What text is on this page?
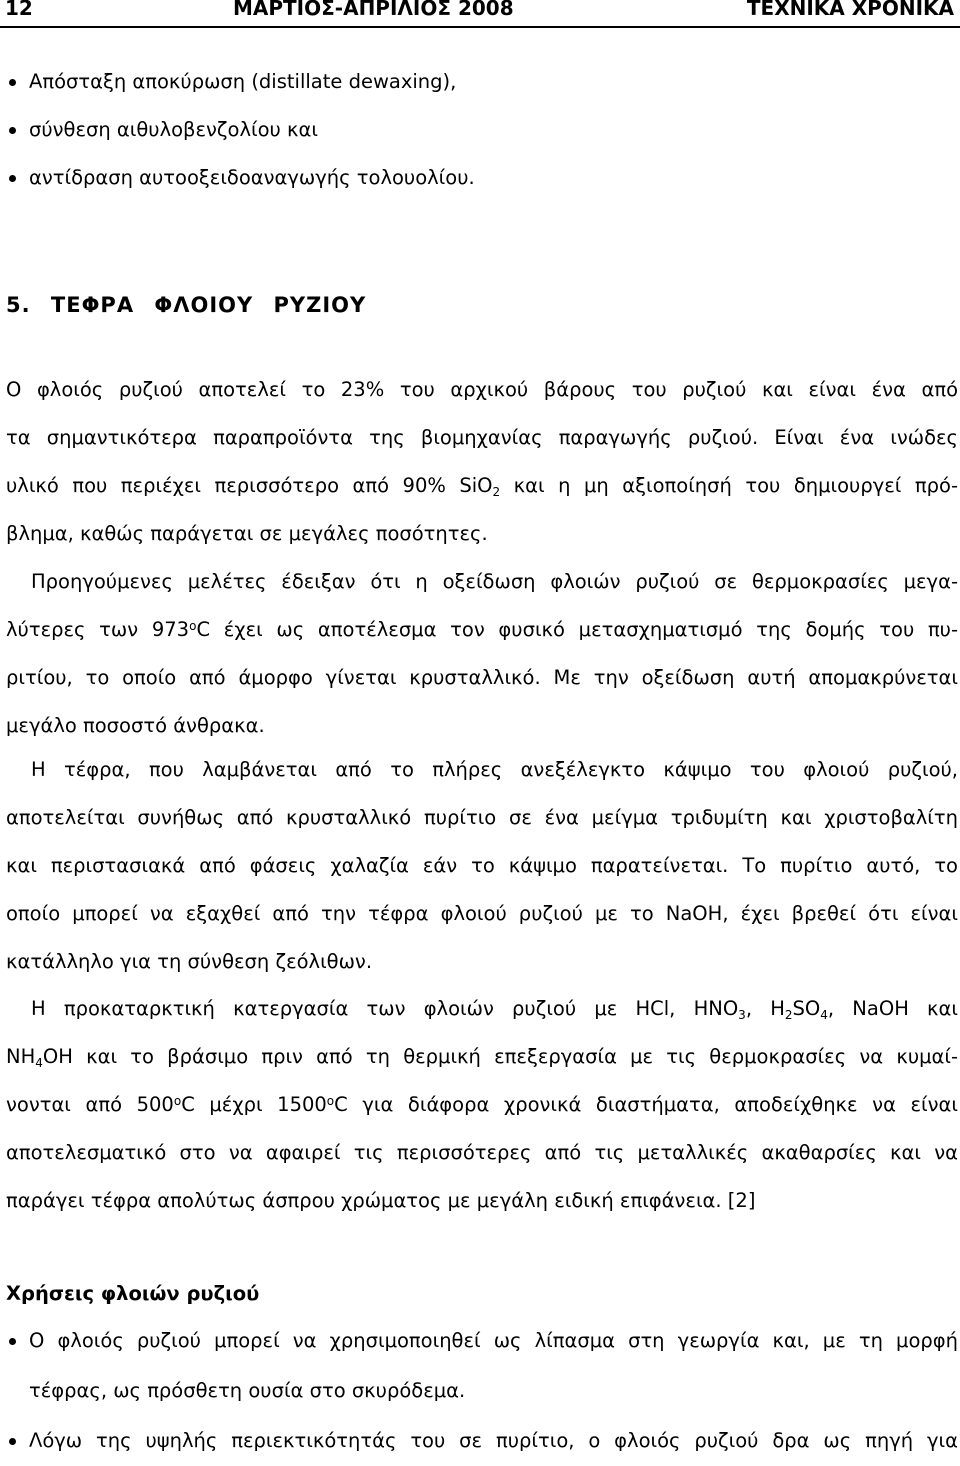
12	ΜΑΡΤΙΟΣ-ΑΠΡΙΛΙΟΣ 2008	ΤΕΧΝΙΚΑ ΧΡΟΝΙΚΑ
Απόσταξη αποκύρωση (distillate dewaxing),
σύνθεση αιθυλοβενζολίου και
αντίδραση αυτοοξειδοαναγωγής τολουολίου.
5. ΤΕΦΡΑ ΦΛΟΙΟΥ ΡΥΖΙΟΥ
Ο φλοιός ρυζιού αποτελεί το 23% του αρχικού βάρους του ρυζιού και είναι ένα από
τα σημαντικότερα παραπροϊόντα της βιομηχανίας παραγωγής ρυζιού. Είναι ένα ινώδες
υλικό που περιέχει περισσότερο από 90% SiO$_2$ και η μη αξιοποίησή του δημιουργεί πρό-
βλημα, καθώς παράγεται σε μεγάλες ποσότητες.
Προηγούμενες μελέτες έδειξαν ότι η οξείδωση φλοιών ρυζιού σε θερμοκρασίες μεγα-
λύτερες των 973$^o$C έχει ως αποτέλεσμα τον φυσικό μετασχηματισμό της δομής του πυ-
ριτίου, το οποίο από άμορφο γίνεται κρυσταλλικό. Με την οξείδωση αυτή απομακρύνεται
μεγάλο ποσοστό άνθρακα.
Η τέφρα, που λαμβάνεται από το πλήρες ανεξέλεγκτο κάψιμο του φλοιού ρυζιού,
αποτελείται συνήθως από κρυσταλλικό πυρίτιο σε ένα μείγμα τριδυμίτη και χριστοβαλίτη
και περιστασιακά από φάσεις χαλαζία εάν το κάψιμο παρατείνεται. Το πυρίτιο αυτό, το
οποίο μπορεί να εξαχθεί από την τέφρα φλοιού ρυζιού με το NaOH, έχει βρεθεί ότι είναι
κατάλληλο για τη σύνθεση ζεόλιθων.
Η προκαταρκτική κατεργασία των φλοιών ρυζιού με HCl, $HNO_3$, $H_2SO_4$, NaOH και
$NH_4OH$ και το βράσιμο πριν από τη θερμική επεξεργασία με τις θερμοκρασίες να κυμαί-
νονται από 500$^o$C μέχρι 1500$^o$C για διάφορα χρονικά διαστήματα, αποδείχθηκε να είναι
αποτελεσματικό στο να αφαιρεί τις περισσότερες από τις μεταλλικές ακαθαρσίες και να
παράγει τέφρα απολύτως άσπρου χρώματος με μεγάλη ειδική επιφάνεια. [2]
Χρήσεις φλοιών ρυζιού
Ο φλοιός ρυζιού μπορεί να χρησιμοποιηθεί ως λίπασμα στη γεωργία και, με τη μορφή
τέφρας, ως πρόσθετη ουσία στο σκυρόδεμα.
Λόγω της υψηλής περιεκτικότητάς του σε πυρίτιο, ο φλοιός ρυζιού δρα ως πηγή για
